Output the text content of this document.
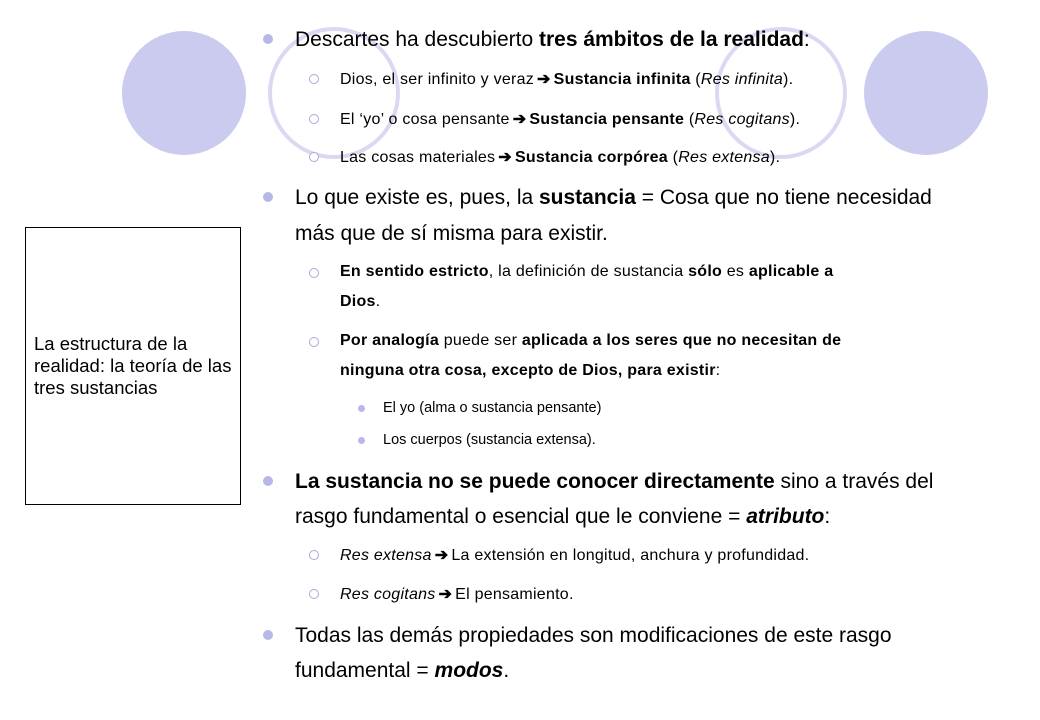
La estructura de la realidad: la teoría de las tres sustancias
Descartes ha descubierto tres ámbitos de la realidad:
Dios, el ser infinito y veraz ➔ Sustancia infinita (Res infinita).
El ‘yo’ o cosa pensante ➔ Sustancia pensante (Res cogitans).
Las cosas materiales ➔ Sustancia corpórea (Res extensa).
Lo que existe es, pues, la sustancia = Cosa que no tiene necesidad
más que de sí misma para existir.
En sentido estricto, la definición de sustancia sólo es aplicable a
Dios.
Por analogía puede ser aplicada a los seres que no necesitan de
ninguna otra cosa, excepto de Dios, para existir:
El yo (alma o sustancia pensante)
Los cuerpos (sustancia extensa).
La sustancia no se puede conocer directamente sino a través del
rasgo fundamental o esencial que le conviene = atributo:
Res extensa ➔ La extensión en longitud, anchura y profundidad.
Res cogitans ➔ El pensamiento.
Todas las demás propiedades son modificaciones de este rasgo
fundamental = modos.
